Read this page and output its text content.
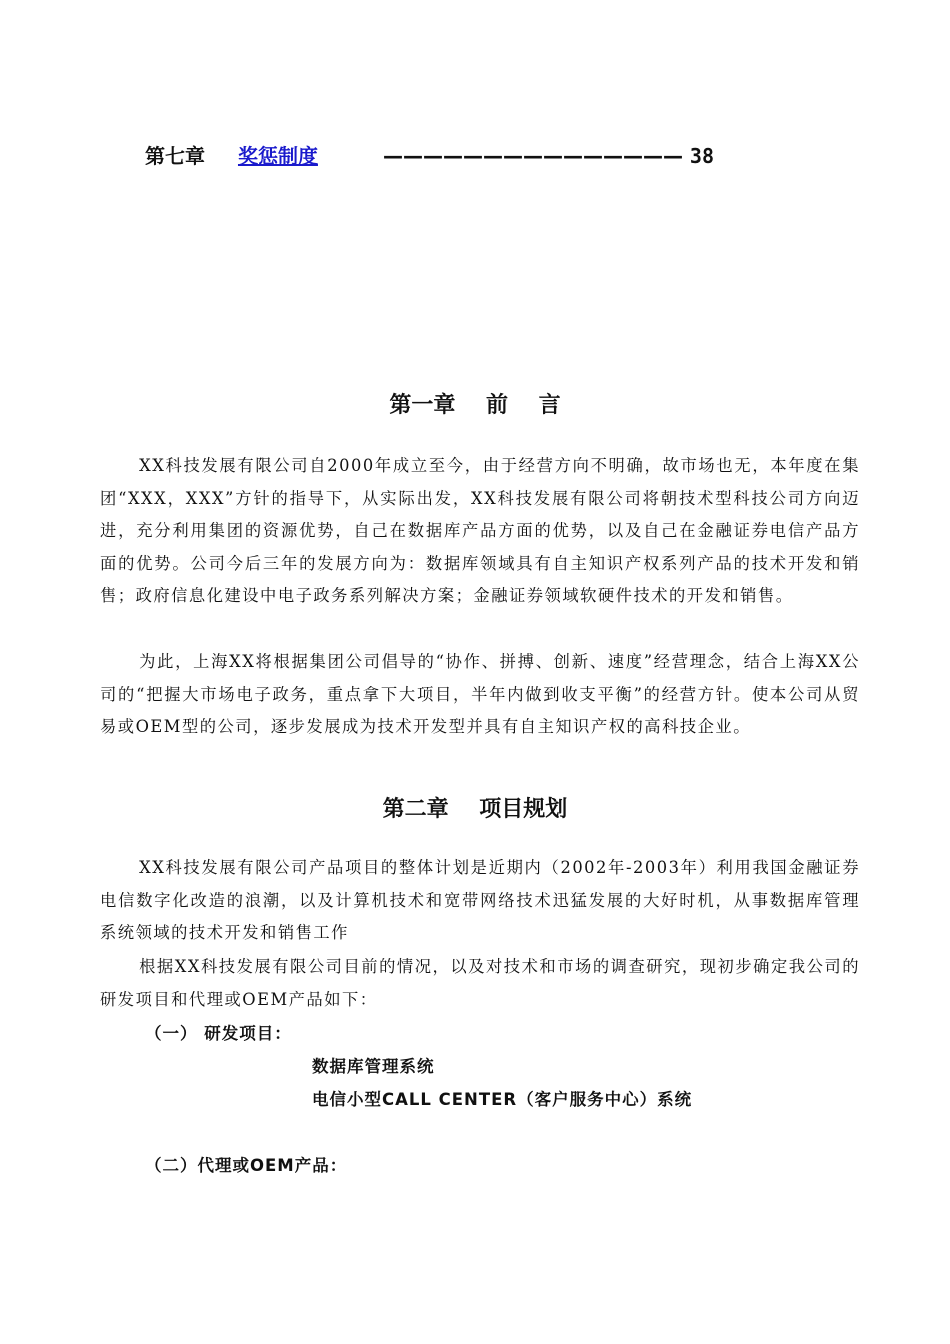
第七章 奖惩制度	——————————————— 38
第一章    前    言

XX科技发展有限公司自2000年成立至今，由于经营方向不明确，故市场也无，本年度在集团“XXX，XXX”方针的指导下，从实际出发，XX科技发展有限公司将朝技术型科技公司方向迈进，充分利用集团的资源优势，自己在数据库产品方面的优势，以及自己在金融证券电信产品方面的优势。公司今后三年的发展方向为：数据库领域具有自主知识产权系列产品的技术开发和销售；政府信息化建设中电子政务系列解决方案；金融证券领域软硬件技术的开发和销售。

为此，上海XX将根据集团公司倡导的“协作、拼搏、创新、速度”经营理念，结合上海XX公司的“把握大市场电子政务，重点拿下大项目，半年内做到收支平衡”的经营方针。使本公司从贸易或OEM型的公司，逐步发展成为技术开发型并具有自主知识产权的高科技企业。

第二章    项目规划

XX科技发展有限公司产品项目的整体计划是近期内（2002年-2003年）利用我国金融证券电信数字化改造的浪潮，以及计算机技术和宽带网络技术迅猛发展的大好时机，从事数据库管理系统领域的技术开发和销售工作

根据XX科技发展有限公司目前的情况，以及对技术和市场的调查研究，现初步确定我公司的研发项目和代理或OEM产品如下：

（一） 研发项目：

数据库管理系统

电信小型CALL CENTER（客户服务中心）系统

（二）代理或OEM产品：
